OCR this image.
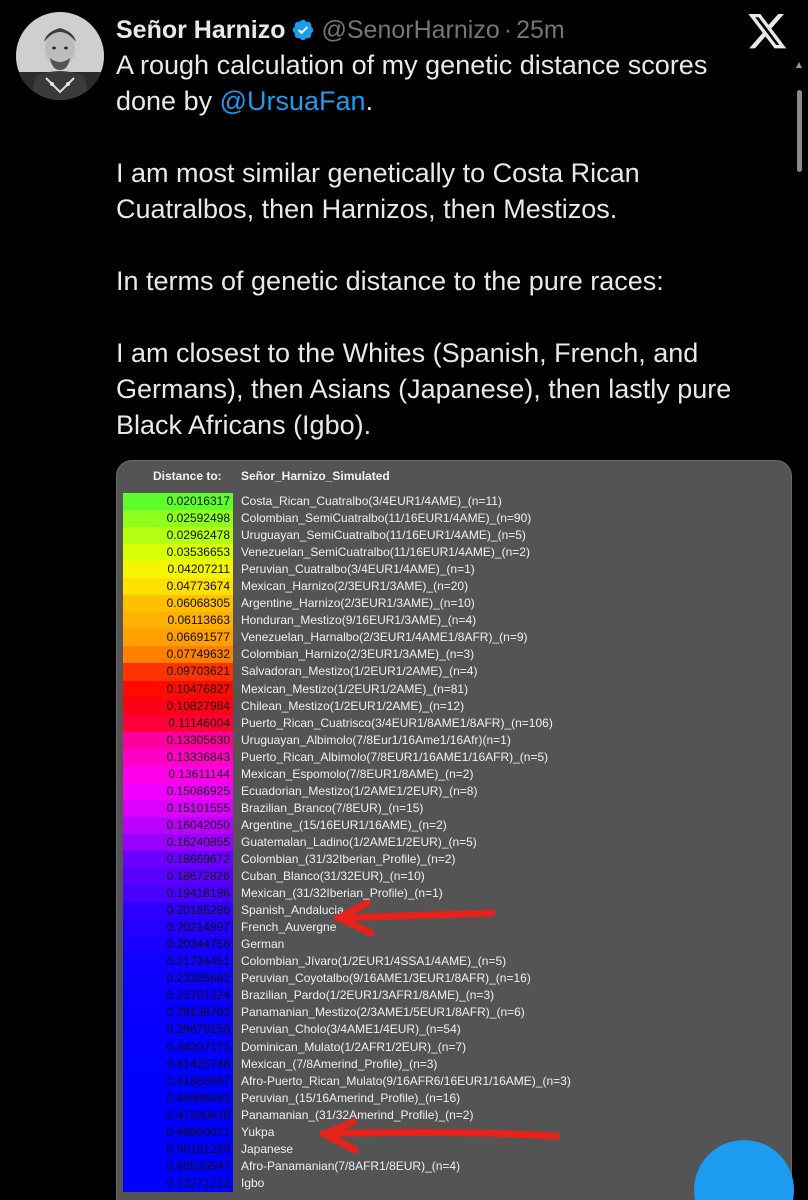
Señor Harnizo @SenorHarnizo · 25m

A rough calculation of my genetic distance scores done by @UrsuaFan.

I am most similar genetically to Costa Rican Cuatralbos, then Harnizos, then Mestizos.

In terms of genetic distance to the pure races:

I am closest to the Whites (Spanish, French, and Germans), then Asians (Japanese), then lastly pure Black Africans (Igbo).

Distance to: Señor_Harnizo_Simulated
0.02016317 Costa_Rican_Cuatralbo(3/4EUR1/4AME)_(n=11)
0.02592498 Colombian_SemiCuatralbo(11/16EUR1/4AME)_(n=90)
0.02962478 Uruguayan_SemiCuatralbo(11/16EUR1/4AME)_(n=5)
0.03536653 Venezuelan_SemiCuatralbo(11/16EUR1/4AME)_(n=2)
0.04207211 Peruvian_Cuatralbo(3/4EUR1/4AME)_(n=1)
0.04773674 Mexican_Harnizo(2/3EUR1/3AME)_(n=20)
0.06068305 Argentine_Harnizo(2/3EUR1/3AME)_(n=10)
0.06113663 Honduran_Mestizo(9/16EUR1/3AME)_(n=4)
0.06691577 Venezuelan_Harnalbo(2/3EUR1/4AME1/8AFR)_(n=9)
0.07749632 Colombian_Harnizo(2/3EUR1/3AME)_(n=3)
0.09703621 Salvadoran_Mestizo(1/2EUR1/2AME)_(n=4)
0.10476827 Mexican_Mestizo(1/2EUR1/2AME)_(n=81)
0.10827984 Chilean_Mestizo(1/2EUR1/2AME)_(n=12)
0.11146004 Puerto_Rican_Cuatrisco(3/4EUR1/8AME1/8AFR)_(n=106)
0.13305630 Uruguayan_Albimolo(7/8Eur1/16Ame1/16Afr)(n=1)
0.13336843 Puerto_Rican_Albimolo(7/8EUR1/16AME1/16AFR)_(n=5)
0.13611144 Mexican_Espomolo(7/8EUR1/8AME)_(n=2)
0.15086925 Ecuadorian_Mestizo(1/2AME1/2EUR)_(n=8)
0.15101555 Brazilian_Branco(7/8EUR)_(n=15)
0.16042050 Argentine_(15/16EUR1/16AME)_(n=2)
0.16240855 Guatemalan_Ladino(1/2AME1/2EUR)_(n=5)
0.18669672 Colombian_(31/32Iberian_Profile)_(n=2)
0.18672826 Cuban_Blanco(31/32EUR)_(n=10)
0.19418196 Mexican_(31/32Iberian_Profile)_(n=1)
0.20185286 Spanish_Andalucia
0.20214997 French_Auvergne
0.20344756 German
0.21734451 Colombian_Jívaro(1/2EUR1/4SSA1/4AME)_(n=5)
0.23385682 Peruvian_Coyotalbo(9/16AME1/3EUR1/8AFR)_(n=16)
0.23701324 Brazilian_Pardo(1/2EUR1/3AFR1/8AME)_(n=3)
0.29138763 Panamanian_Mestizo(2/3AME1/5EUR1/8AFR)_(n=6)
0.29679158 Peruvian_Cholo(3/4AME1/4EUR)_(n=54)
0.34207173 Dominican_Mulato(1/2AFR1/2EUR)_(n=7)
0.41425748 Mexican_(7/8Amerind_Profile)_(n=3)
0.41883067 Afro-Puerto_Rican_Mulato(9/16AFR6/16EUR1/16AME)_(n=3)
0.44996453 Peruvian_(15/16Amerind_Profile)_(n=16)
0.47380636 Panamanian_(31/32Amerind_Profile)_(n=2)
0.49960021 Yukpa
0.50101239 Japanese
0.60530547 Afro-Panamanian(7/8AFR1/8EUR)_(n=4)
0.72271212 Igbo
